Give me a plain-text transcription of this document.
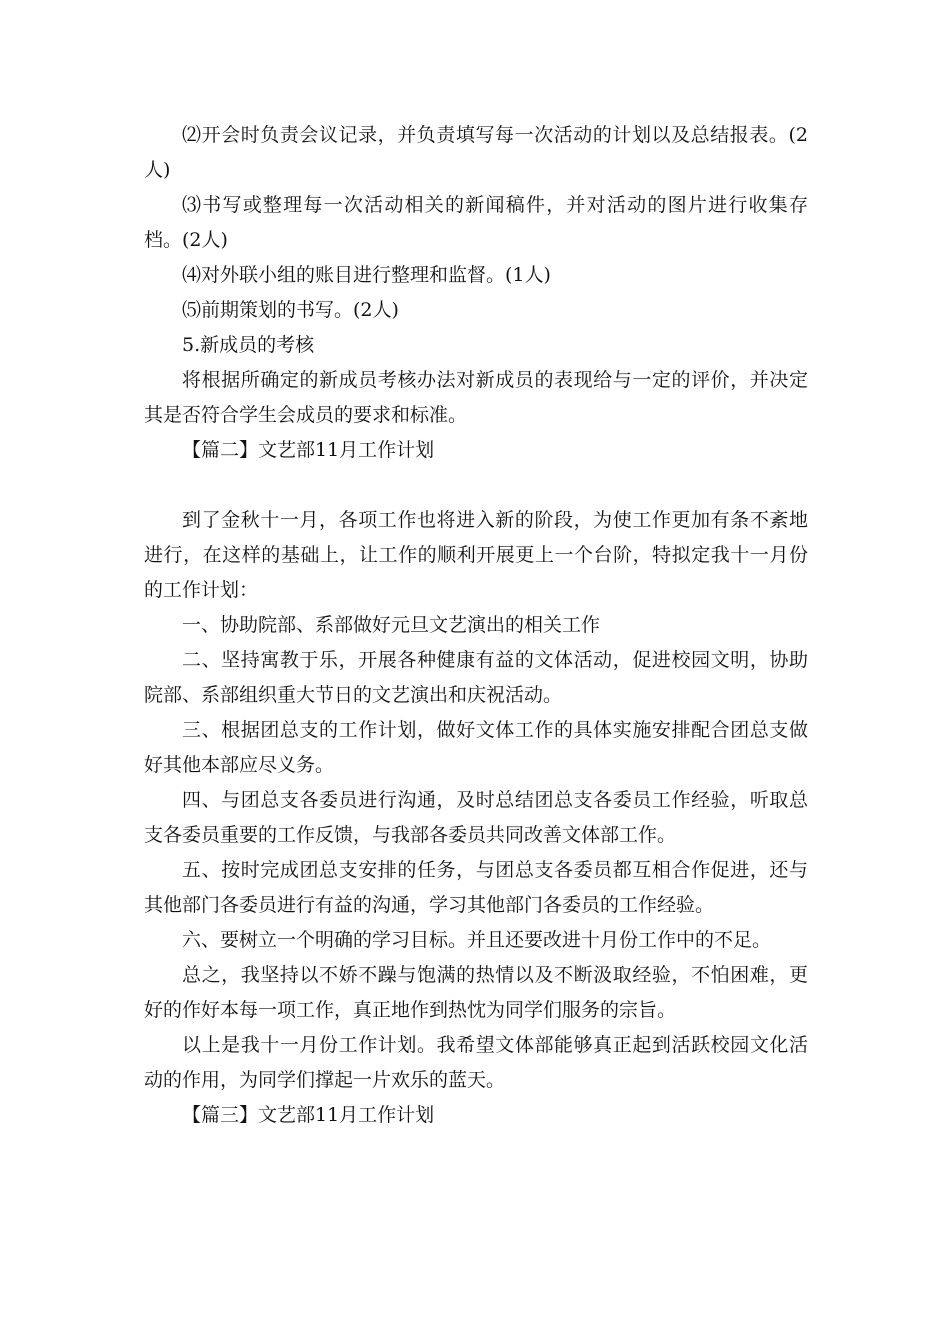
⑵开会时负责会议记录，并负责填写每一次活动的计划以及总结报表。(2人)

⑶书写或整理每一次活动相关的新闻稿件，并对活动的图片进行收集存档。(2人)

⑷对外联小组的账目进行整理和监督。(1人)

⑸前期策划的书写。(2人)

5.新成员的考核

将根据所确定的新成员考核办法对新成员的表现给与一定的评价，并决定其是否符合学生会成员的要求和标准。

【篇二】文艺部11月工作计划

到了金秋十一月，各项工作也将进入新的阶段，为使工作更加有条不紊地进行，在这样的基础上，让工作的顺利开展更上一个台阶，特拟定我十一月份的工作计划：

一、协助院部、系部做好元旦文艺演出的相关工作

二、坚持寓教于乐，开展各种健康有益的文体活动，促进校园文明，协助院部、系部组织重大节日的文艺演出和庆祝活动。

三、根据团总支的工作计划，做好文体工作的具体实施安排配合团总支做好其他本部应尽义务。

四、与团总支各委员进行沟通，及时总结团总支各委员工作经验，听取总支各委员重要的工作反馈，与我部各委员共同改善文体部工作。

五、按时完成团总支安排的任务，与团总支各委员都互相合作促进，还与其他部门各委员进行有益的沟通，学习其他部门各委员的工作经验。

六、要树立一个明确的学习目标。并且还要改进十月份工作中的不足。

总之，我坚持以不娇不躁与饱满的热情以及不断汲取经验，不怕困难，更好的作好本每一项工作，真正地作到热忱为同学们服务的宗旨。

以上是我十一月份工作计划。我希望文体部能够真正起到活跃校园文化活动的作用，为同学们撑起一片欢乐的蓝天。

【篇三】文艺部11月工作计划
